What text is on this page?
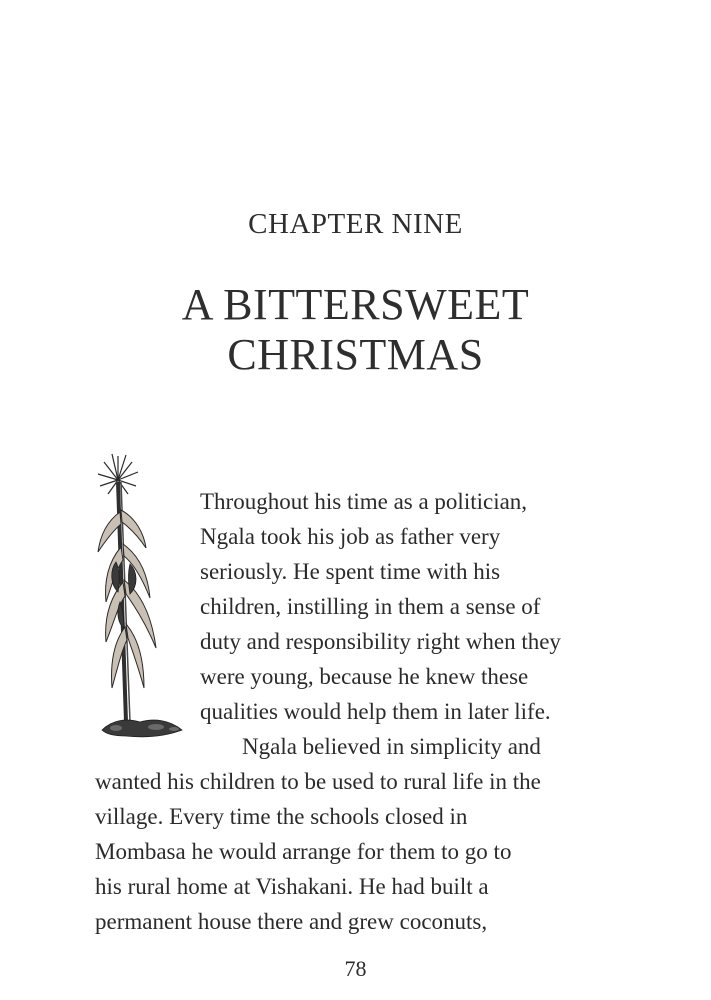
CHAPTER NINE
A BITTERSWEET
CHRISTMAS
Throughout his time as a politician,
Ngala took his job as father very
seriously. He spent time with his
children, instilling in them a sense of
duty and responsibility right when they
were young, because he knew these
qualities would help them in later life.
Ngala believed in simplicity and
wanted his children to be used to rural life in the
village. Every time the schools closed in
Mombasa he would arrange for them to go to
his rural home at Vishakani. He had built a
permanent house there and grew coconuts,
78
